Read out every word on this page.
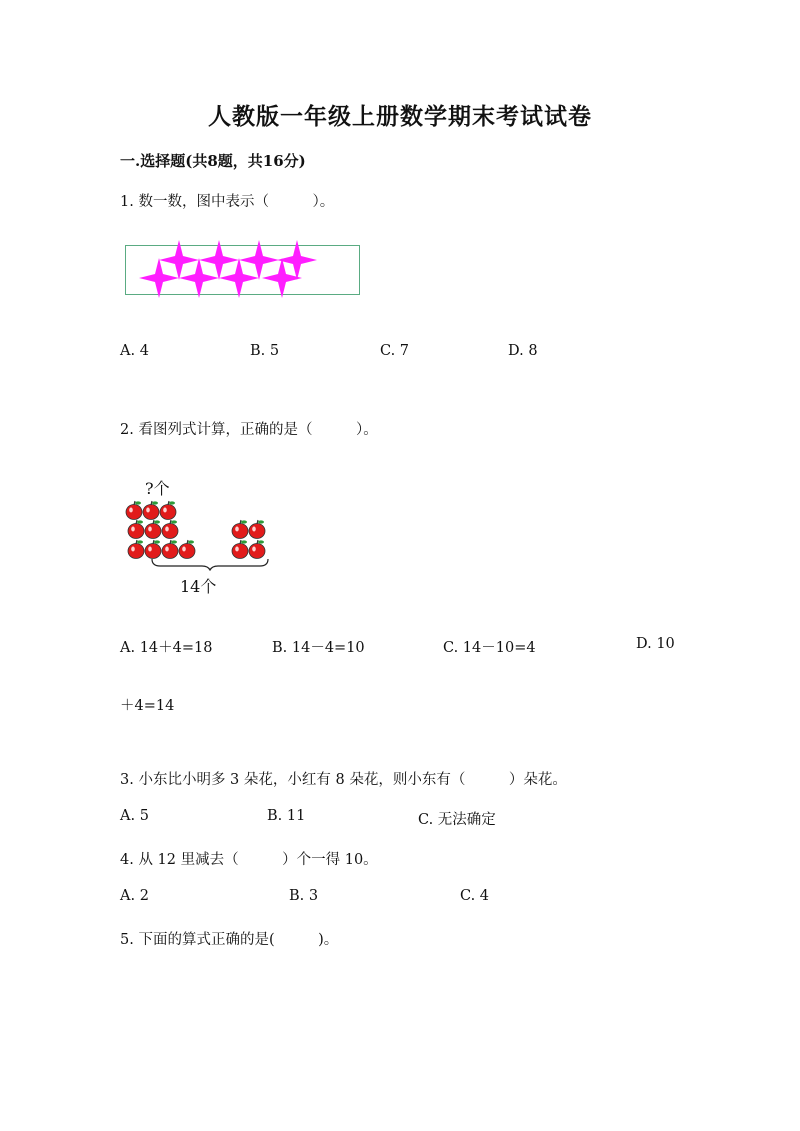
人教版一年级上册数学期末考试试卷
一.选择题(共8题，共16分)
1. 数一数，图中表示（　　　）。
A. 4	B. 5	C. 7	D. 8
2. 看图列式计算，正确的是（　　　）。
?个
14个
A. 14＋4=18	B. 14－4=10	C. 14－10=4	D. 10
＋4=14
3. 小东比小明多 3 朵花，小红有 8 朵花，则小东有（　　　）朵花。
A. 5	B. 11	C. 无法确定
4. 从 12 里减去（　　　）个一得 10。
A. 2	B. 3	C. 4
5. 下面的算式正确的是(　　　)。
